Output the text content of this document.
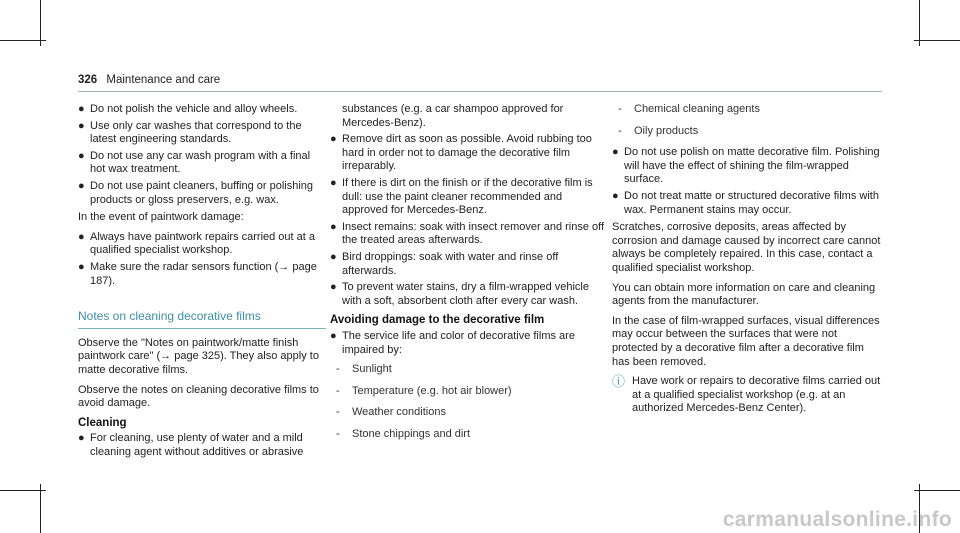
326 Maintenance and care
● Do not polish the vehicle and alloy wheels.
● Use only car washes that correspond to the latest engineering standards.
● Do not use any car wash program with a final hot wax treatment.
● Do not use paint cleaners, buffing or polishing products or gloss preservers, e.g. wax.

In the event of paintwork damage:

● Always have paintwork repairs carried out at a qualified specialist workshop.
● Make sure the radar sensors function (→ page 187).
Notes on cleaning decorative films

Observe the "Notes on paintwork/matte finish paintwork care" (→ page 325). They also apply to matte decorative films.

Observe the notes on cleaning decorative films to avoid damage.

Cleaning
● For cleaning, use plenty of water and a mild cleaning agent without additives or abrasive
substances (e.g. a car shampoo approved for Mercedes-Benz).
● Remove dirt as soon as possible. Avoid rubbing too hard in order not to damage the decorative film irreparably.
● If there is dirt on the finish or if the decorative film is dull: use the paint cleaner recommended and approved for Mercedes-Benz.
● Insect remains: soak with insect remover and rinse off the treated areas afterwards.
● Bird droppings: soak with water and rinse off afterwards.
● To prevent water stains, dry a film-wrapped vehicle with a soft, absorbent cloth after every car wash.
Avoiding damage to the decorative film
● The service life and color of decorative films are impaired by:
- Sunlight
- Temperature (e.g. hot air blower)
- Weather conditions
- Stone chippings and dirt
- Chemical cleaning agents
- Oily products
● Do not use polish on matte decorative film. Polishing will have the effect of shining the film-wrapped surface.
● Do not treat matte or structured decorative films with wax. Permanent stains may occur.

Scratches, corrosive deposits, areas affected by corrosion and damage caused by incorrect care cannot always be completely repaired. In this case, contact a qualified specialist workshop.

You can obtain more information on care and cleaning agents from the manufacturer.

In the case of film-wrapped surfaces, visual differences may occur between the surfaces that were not protected by a decorative film after a decorative film has been removed.

ⓘ Have work or repairs to decorative films carried out at a qualified specialist workshop (e.g. at an authorized Mercedes-Benz Center).
carmanualsonline.info
